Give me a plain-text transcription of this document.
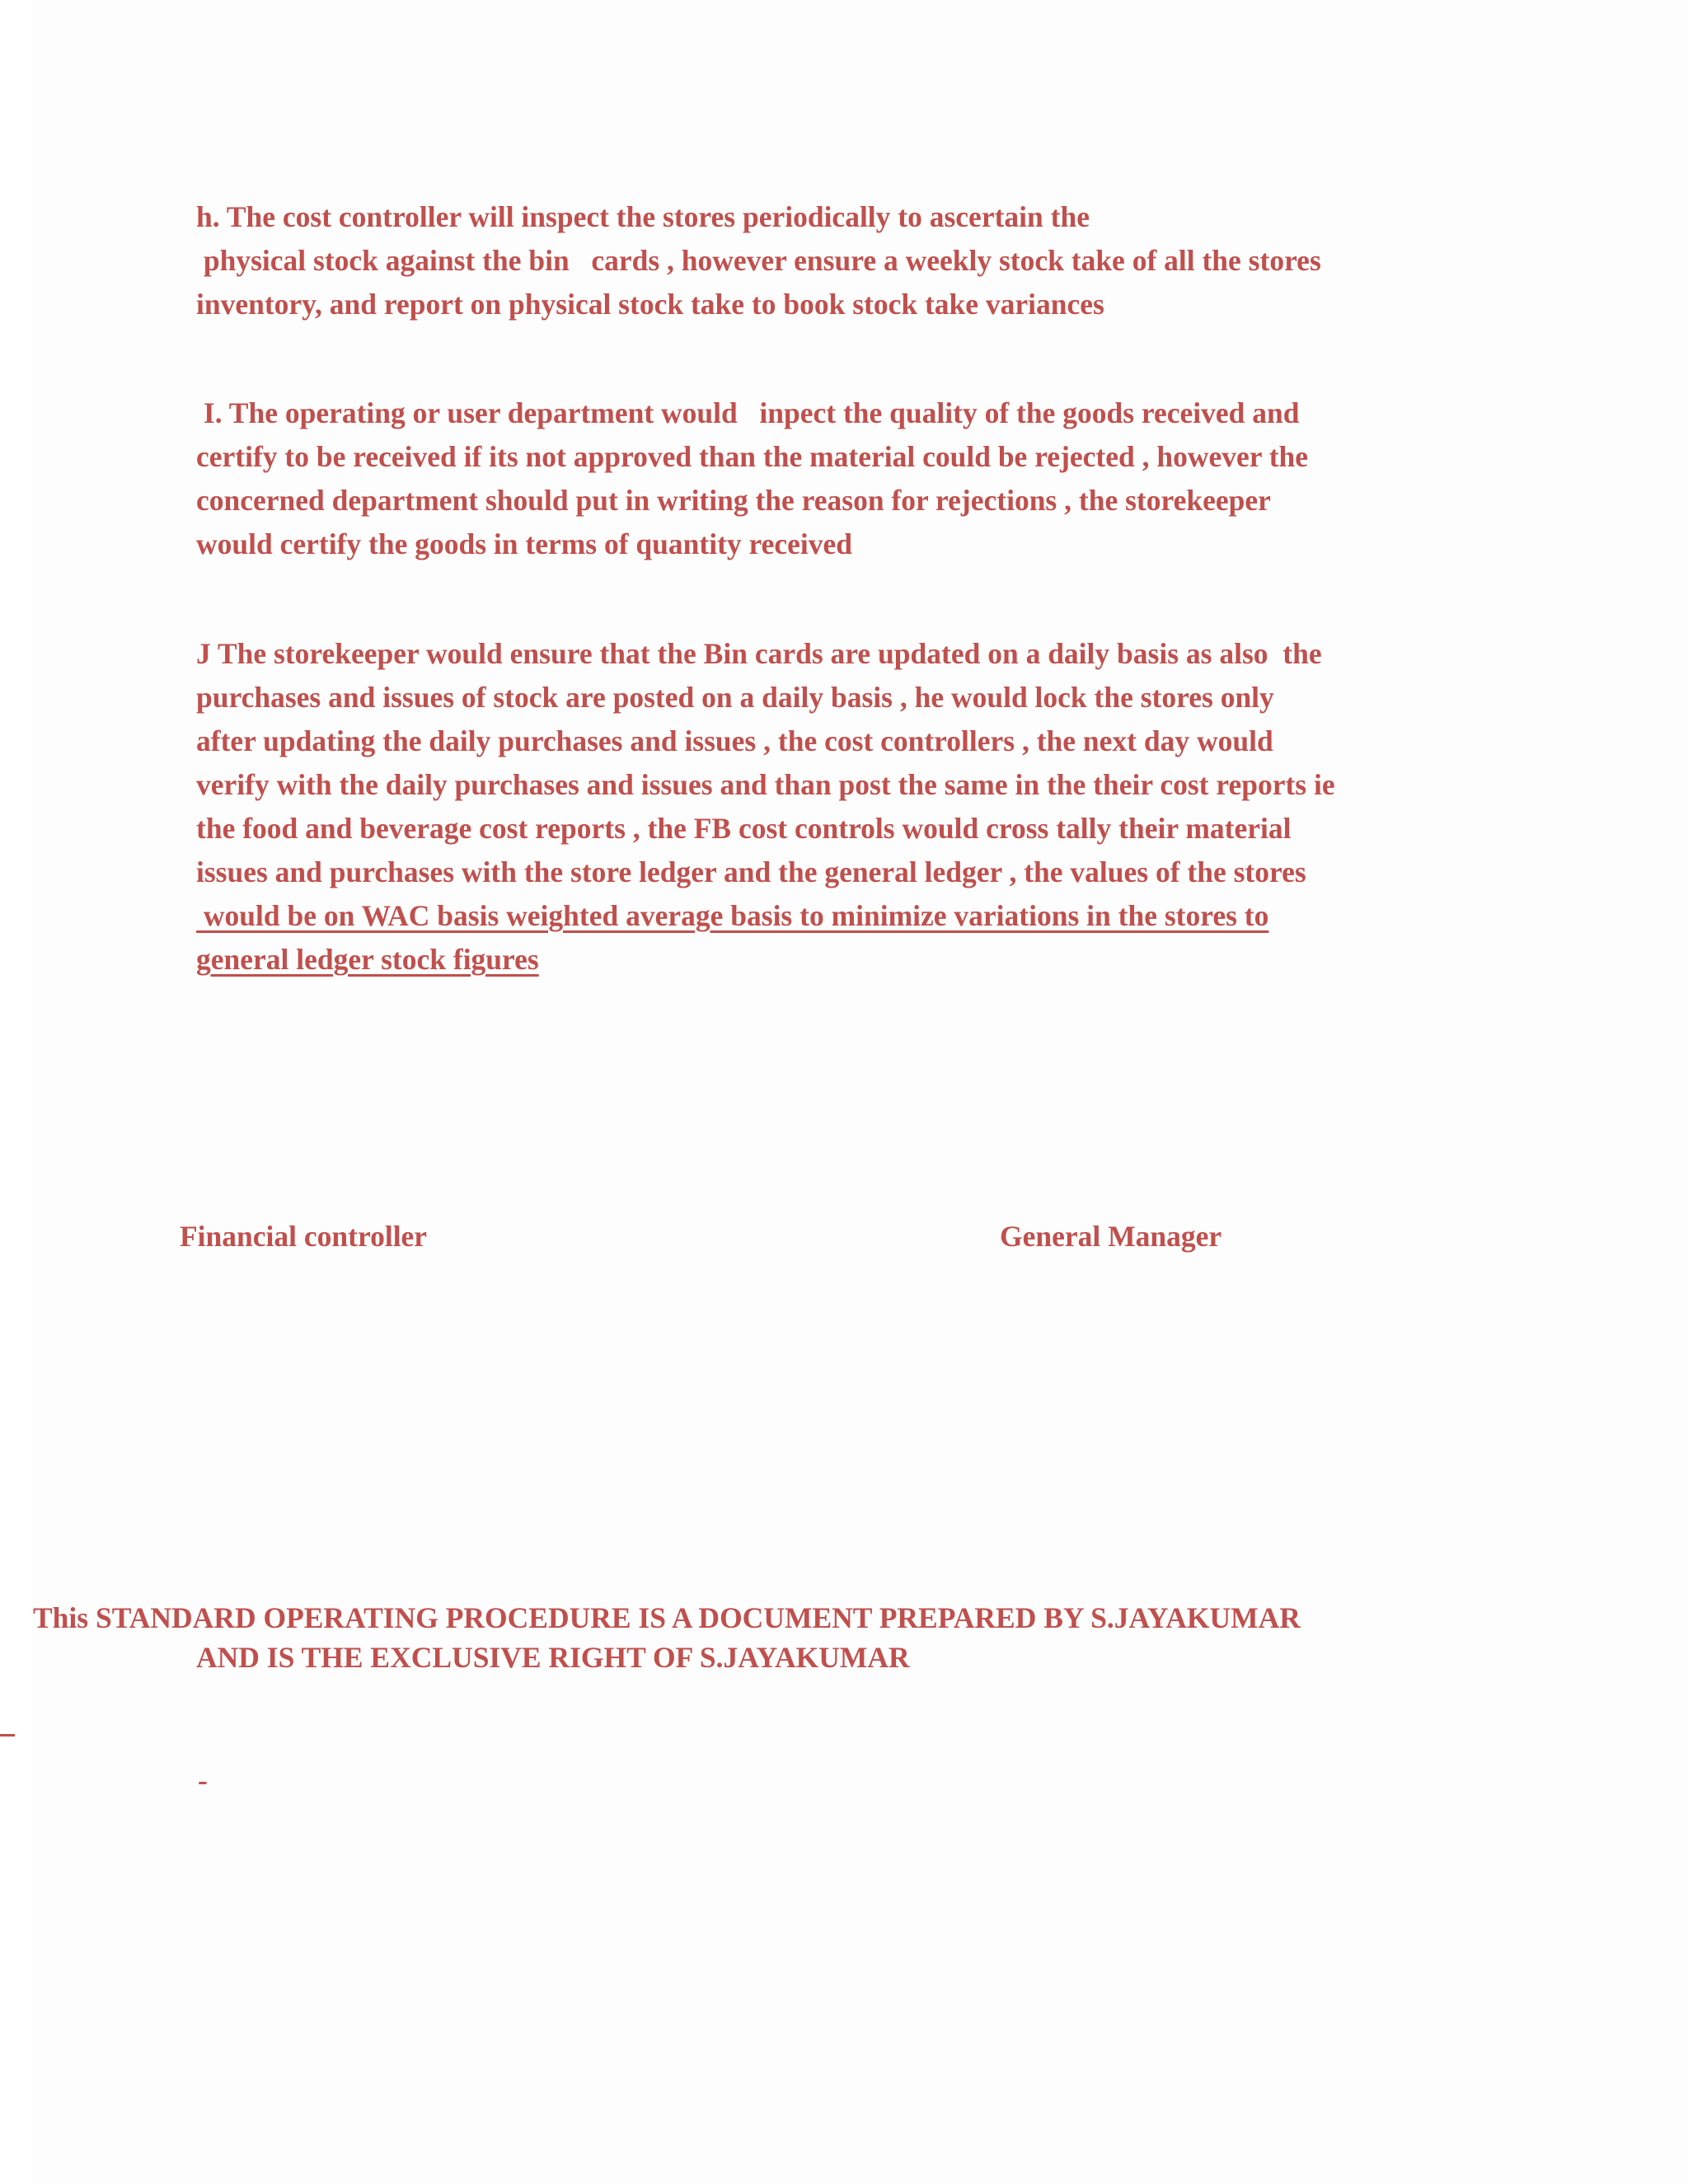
h. The cost controller will inspect the stores periodically to ascertain the
physical stock against the bin   cards , however ensure a weekly stock take of all the stores
inventory, and report on physical stock take to book stock take variances
I. The operating or user department would   inpect the quality of the goods received and
certify to be received if its not approved than the material could be rejected , however the
concerned department should put in writing the reason for rejections , the storekeeper
would certify the goods in terms of quantity received
J The storekeeper would ensure that the Bin cards are updated on a daily basis as also  the
purchases and issues of stock are posted on a daily basis , he would lock the stores only
after updating the daily purchases and issues , the cost controllers , the next day would
verify with the daily purchases and issues and than post the same in the their cost reports ie
the food and beverage cost reports , the FB cost controls would cross tally their material
issues and purchases with the store ledger and the general ledger , the values of the stores
would be on WAC basis weighted average basis to minimize variations in the stores to
general ledger stock figures

Financial controller	General Manager

This STANDARD OPERATING PROCEDURE IS A DOCUMENT PREPARED BY S.JAYAKUMAR
AND IS THE EXCLUSIVE RIGHT OF S.JAYAKUMAR
-
